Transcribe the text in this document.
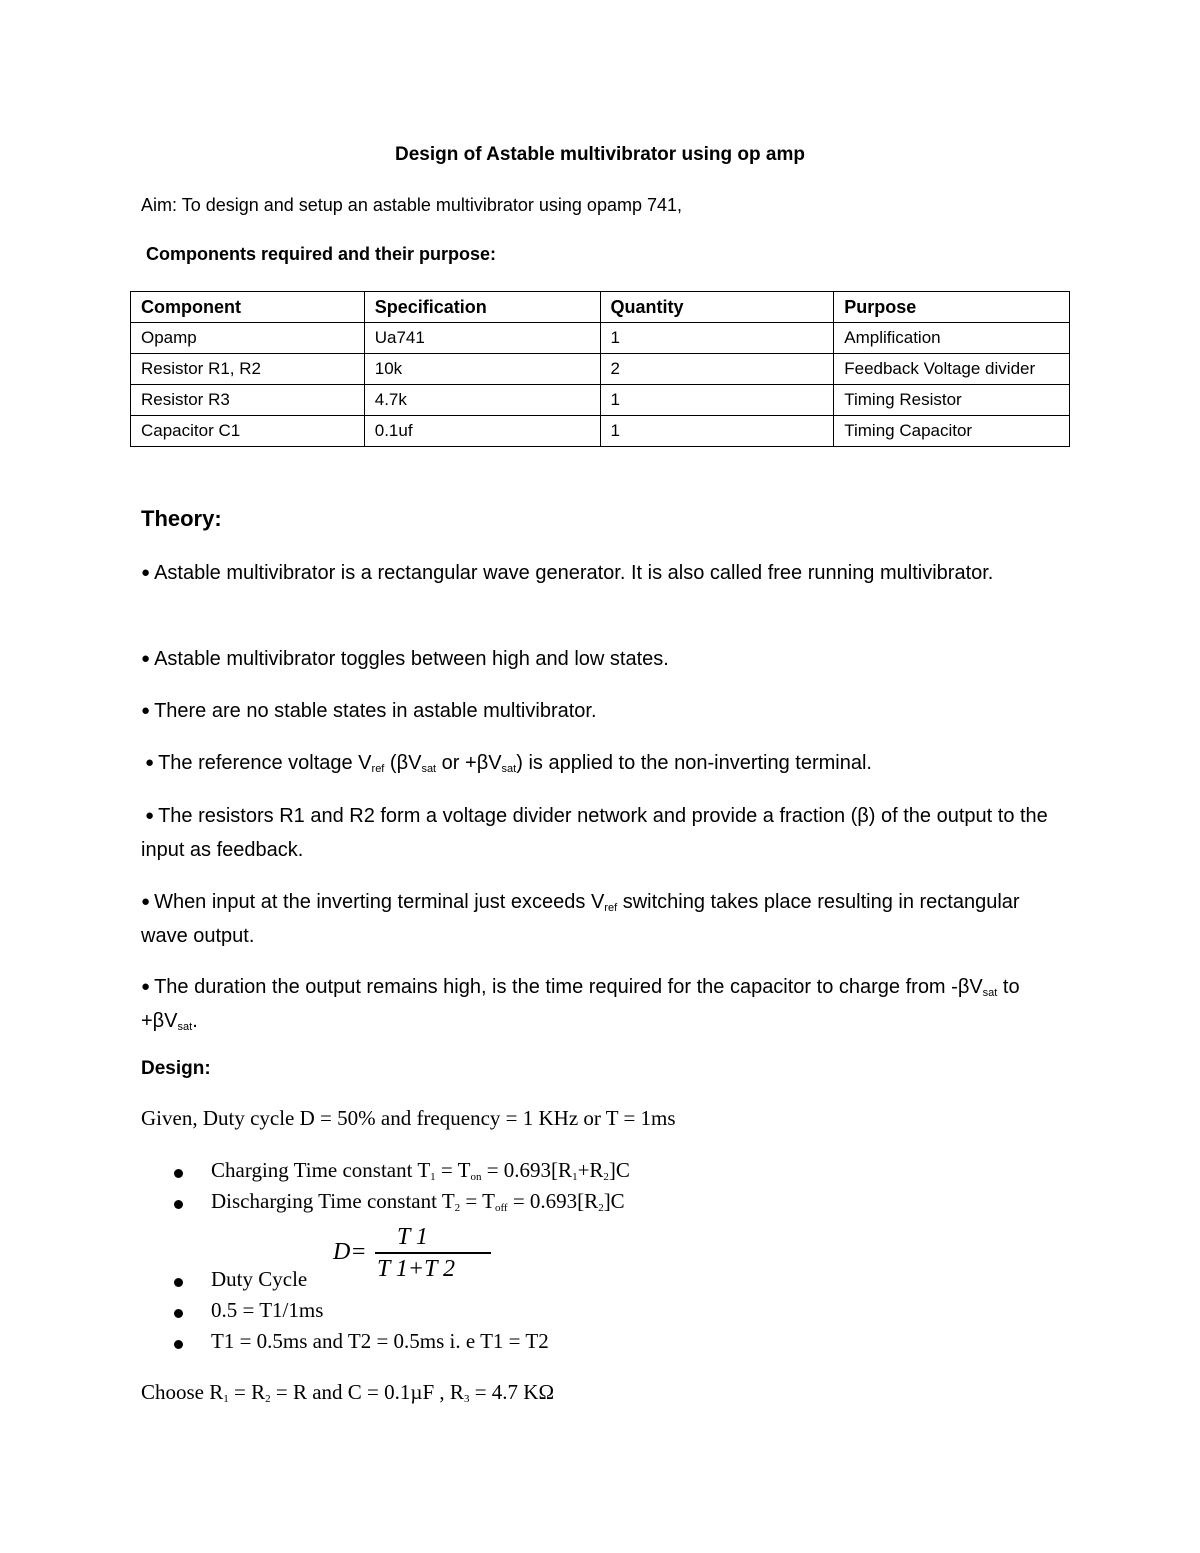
Design of Astable multivibrator using op amp
Aim: To design and setup an astable multivibrator using opamp 741,
Components required and their purpose:
Component	Specification	Quantity	Purpose
Opamp	Ua741	1	Amplification
Resistor R1, R2	10k	2	Feedback Voltage divider
Resistor R3	4.7k	1	Timing Resistor
Capacitor C1	0.1uf	1	Timing Capacitor
Theory:
● Astable multivibrator is a rectangular wave generator. It is also called free running multivibrator.
● Astable multivibrator toggles between high and low states.
● There are no stable states in astable multivibrator.
● The reference voltage $V_{ref}$ ($\beta V_{sat}$ or $+\beta V_{sat}$) is applied to the non-inverting terminal.
● The resistors R1 and R2 form a voltage divider network and provide a fraction (β) of the output to the input as feedback.
● When input at the inverting terminal just exceeds $V_{ref}$ switching takes place resulting in rectangular wave output.
● The duration the output remains high, is the time required for the capacitor to charge from $-\beta V_{sat}$ to $+\beta V_{sat}$.
Design:
Given, Duty cycle D = 50% and frequency = 1 KHz or T = 1ms
Charging Time constant $T_1 = T_{on} = 0.693[R_1+R_2]C$
Discharging Time constant $T_2 = T_{off} = 0.693[R_2]C$
Duty Cycle
0.5 = T1/1ms
T1 = 0.5ms and T2 = 0.5ms i. e T1 = T2
D=
T 1
T 1+T 2
Choose $R_1 = R_2 = R$ and C = 0.1µF , $R_3 = 4.7$ KΩ
